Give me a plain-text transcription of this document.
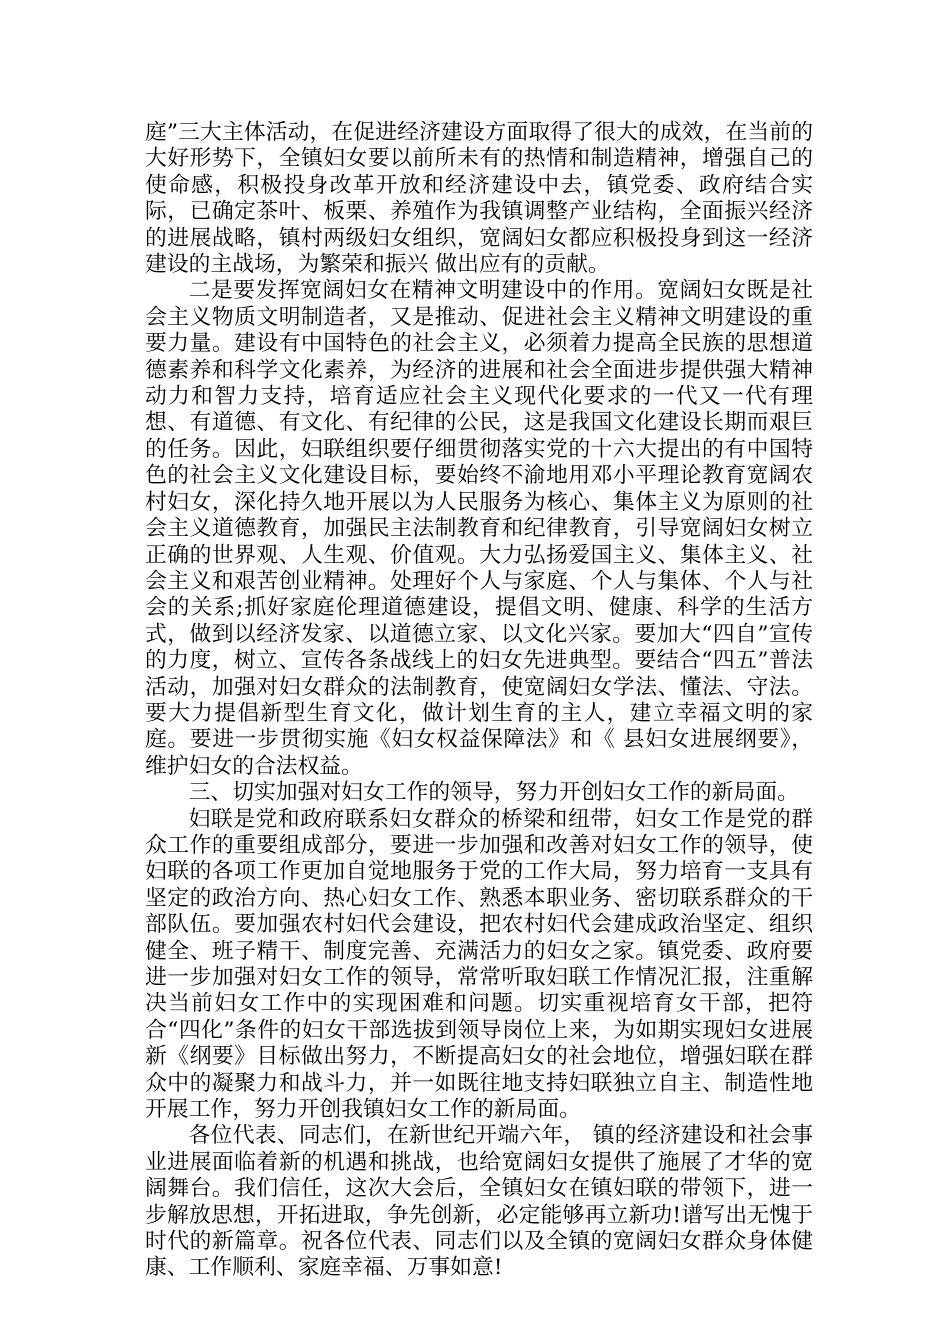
庭”三大主体活动，在促进经济建设方面取得了很大的成效，在当前的大好形势下，全镇妇女要以前所未有的热情和制造精神，增强自己的使命感，积极投身改革开放和经济建设中去，镇党委、政府结合实际，已确定茶叶、板栗、养殖作为我镇调整产业结构，全面振兴经济的进展战略，镇村两级妇女组织，宽阔妇女都应积极投身到这一经济建设的主战场，为繁荣和振兴 做出应有的贡献。

二是要发挥宽阔妇女在精神文明建设中的作用。宽阔妇女既是社会主义物质文明制造者，又是推动、促进社会主义精神文明建设的重要力量。建设有中国特色的社会主义，必须着力提高全民族的思想道德素养和科学文化素养，为经济的进展和社会全面进步提供强大精神动力和智力支持，培育适应社会主义现代化要求的一代又一代有理想、有道德、有文化、有纪律的公民，这是我国文化建设长期而艰巨的任务。因此，妇联组织要仔细贯彻落实党的十六大提出的有中国特色的社会主义文化建设目标，要始终不渝地用邓小平理论教育宽阔农村妇女，深化持久地开展以为人民服务为核心、集体主义为原则的社会主义道德教育，加强民主法制教育和纪律教育，引导宽阔妇女树立正确的世界观、人生观、价值观。大力弘扬爱国主义、集体主义、社会主义和艰苦创业精神。处理好个人与家庭、个人与集体、个人与社会的关系;抓好家庭伦理道德建设，提倡文明、健康、科学的生活方式，做到以经济发家、以道德立家、以文化兴家。要加大“四自”宣传的力度，树立、宣传各条战线上的妇女先进典型。要结合“四五”普法活动，加强对妇女群众的法制教育，使宽阔妇女学法、懂法、守法。要大力提倡新型生育文化，做计划生育的主人，建立幸福文明的家庭。要进一步贯彻实施《妇女权益保障法》和《 县妇女进展纲要》，维护妇女的合法权益。

三、切实加强对妇女工作的领导，努力开创妇女工作的新局面。

妇联是党和政府联系妇女群众的桥梁和纽带，妇女工作是党的群众工作的重要组成部分，要进一步加强和改善对妇女工作的领导，使妇联的各项工作更加自觉地服务于党的工作大局，努力培育一支具有坚定的政治方向、热心妇女工作、熟悉本职业务、密切联系群众的干部队伍。要加强农村妇代会建设，把农村妇代会建成政治坚定、组织健全、班子精干、制度完善、充满活力的妇女之家。镇党委、政府要进一步加强对妇女工作的领导，常常听取妇联工作情况汇报，注重解决当前妇女工作中的实现困难和问题。切实重视培育女干部，把符合“四化”条件的妇女干部选拔到领导岗位上来，为如期实现妇女进展新《纲要》目标做出努力，不断提高妇女的社会地位，增强妇联在群众中的凝聚力和战斗力，并一如既往地支持妇联独立自主、制造性地开展工作，努力开创我镇妇女工作的新局面。

各位代表、同志们，在新世纪开端六年， 镇的经济建设和社会事业进展面临着新的机遇和挑战，也给宽阔妇女提供了施展了才华的宽阔舞台。我们信任，这次大会后，全镇妇女在镇妇联的带领下，进一步解放思想，开拓进取，争先创新，必定能够再立新功!谱写出无愧于时代的新篇章。祝各位代表、同志们以及全镇的宽阔妇女群众身体健康、工作顺利、家庭幸福、万事如意!
